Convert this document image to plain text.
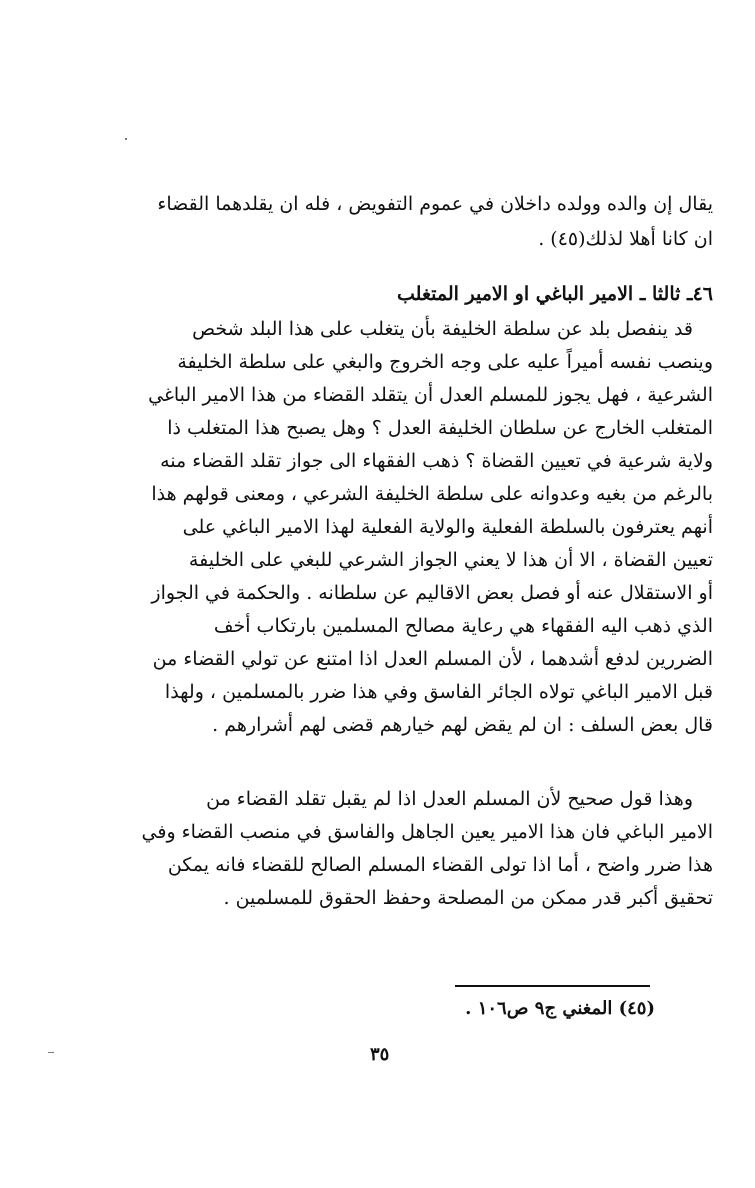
يقال إن والده وولده داخلان في عموم التفويض ، فله ان يقلدهما القضاء
ان كانا أهلا لذلك(٤٥) .
٤٦ـ ثالثا ـ الامير الباغي او الامير المتغلب
قد ينفصل بلد عن سلطة الخليفة بأن يتغلب على هذا البلد شخص
وينصب نفسه أميراً عليه على وجه الخروج والبغي على سلطة الخليفة
الشرعية ، فهل يجوز للمسلم العدل أن يتقلد القضاء من هذا الامير الباغي
المتغلب الخارج عن سلطان الخليفة العدل ؟ وهل يصبح هذا المتغلب ذا
ولاية شرعية في تعيين القضاة ؟ ذهب الفقهاء الى جواز تقلد القضاء منه
بالرغم من بغيه وعدوانه على سلطة الخليفة الشرعي ، ومعنى قولهم هذا
أنهم يعترفون بالسلطة الفعلية والولاية الفعلية لهذا الامير الباغي على
تعيين القضاة ، الا أن هذا لا يعني الجواز الشرعي للبغي على الخليفة
أو الاستقلال عنه أو فصل بعض الاقاليم عن سلطانه . والحكمة في الجواز
الذي ذهب اليه الفقهاء هي رعاية مصالح المسلمين بارتكاب أخف
الضررين لدفع أشدهما ، لأن المسلم العدل اذا امتنع عن تولي القضاء من
قبل الامير الباغي تولاه الجائر الفاسق وفي هذا ضرر بالمسلمين ، ولهذا
قال بعض السلف : ان لم يقض لهم خيارهم قضى لهم أشرارهم .
وهذا قول صحيح لأن المسلم العدل اذا لم يقبل تقلد القضاء من
الامير الباغي فان هذا الامير يعين الجاهل والفاسق في منصب القضاء وفي
هذا ضرر واضح ، أما اذا تولى القضاء المسلم الصالح للقضاء فانه يمكن
تحقيق أكبر قدر ممكن من المصلحة وحفظ الحقوق للمسلمين .
(٤٥) المغني ج٩ ص١٠٦ .
٣٥
